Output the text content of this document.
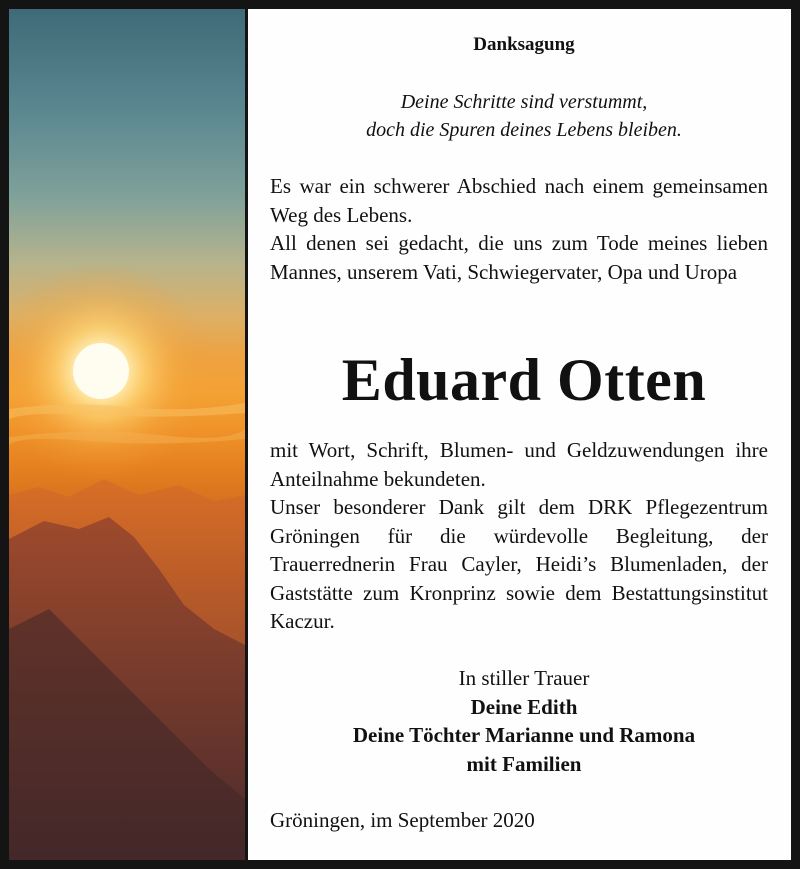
Danksagung
Deine Schritte sind verstummt,
doch die Spuren deines Lebens bleiben.
Es war ein schwerer Abschied nach einem gemeinsamen Weg des Lebens.
All denen sei gedacht, die uns zum Tode meines lieben Mannes, unserem Vati, Schwiegervater, Opa und Uropa
Eduard Otten
mit Wort, Schrift, Blumen- und Geldzuwendungen ihre Anteilnahme bekundeten.
Unser besonderer Dank gilt dem DRK Pflegezentrum Gröningen für die würdevolle Begleitung, der Trauerrednerin Frau Cayler, Heidi’s Blumenladen, der Gaststätte zum Kronprinz sowie dem Bestattungsinstitut Kaczur.
In stiller Trauer
Deine Edith
Deine Töchter Marianne und Ramona
mit Familien
Gröningen, im September 2020
